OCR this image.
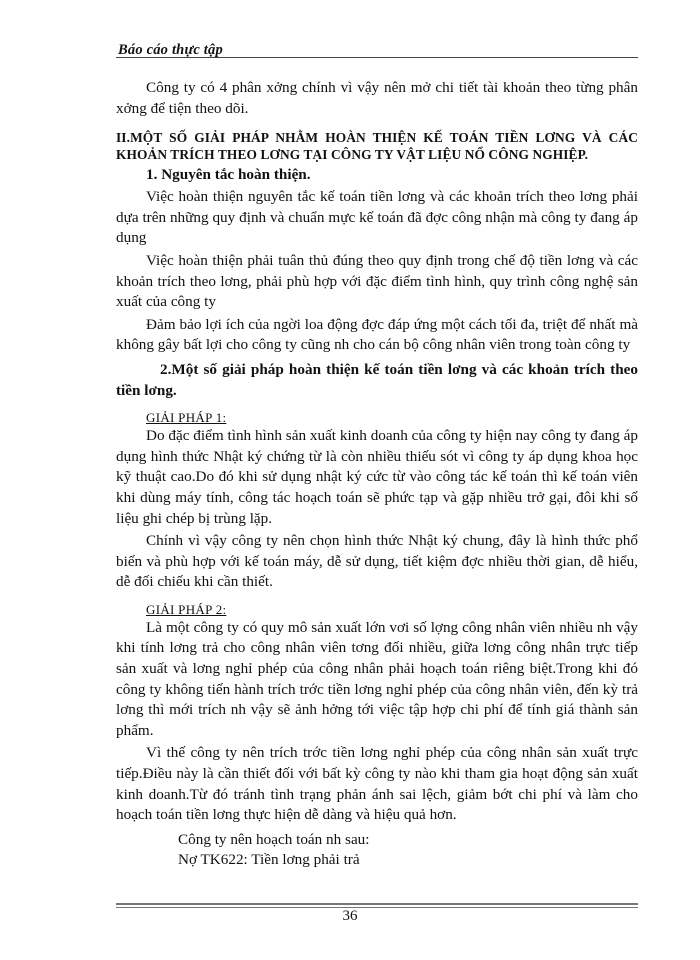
Báo cáo thực tập

Công ty có 4 phân xởng chính vì vậy nên mở chi tiết tài khoản theo từng phân xởng để tiện theo dõi.

II.MỘT SỐ GIẢI PHÁP NHẰM HOÀN THIỆN KẾ TOÁN TIỀN LƠNG VÀ CÁC KHOẢN TRÍCH THEO LƠNG TẠI CÔNG TY VẬT LIỆU NỔ CÔNG NGHIỆP.
1. Nguyên tắc hoàn thiện.

Việc hoàn thiện nguyên tắc kế toán tiền lơng và các khoản trích theo lơng phải dựa trên những quy định và chuẩn mực kế toán đã đợc công nhận mà công ty đang áp dụng

Việc hoàn thiện phải tuân thủ đúng theo quy định trong chế độ tiền lơng và các khoản trích theo lơng, phải phù hợp với đặc điểm tình hình, quy trình công nghệ sản xuất của công ty

Đảm bảo lợi ích của ngời loa động đợc đáp ứng một cách tối đa, triệt để nhất mà không gây bất lợi cho công ty cũng nh cho cán bộ công nhân viên trong toàn công ty

2.Một số giải pháp hoàn thiện kế toán tiền lơng và các khoản trích theo tiền lơng.
GIẢI PHÁP 1:

Do đặc điểm tình hình sản xuất kinh doanh của công ty hiện nay công ty đang áp dụng hình thức Nhật ký chứng từ là còn nhiều thiếu sót vì công ty áp dụng khoa học kỹ thuật cao.Do đó khi sử dụng nhật ký cức từ vào công tác kế toán thì kế toán viên khi dùng máy tính, công tác hoạch toán sẽ phức tạp và gặp nhiều trở gại, đôi khi số liệu ghi chép bị trùng lặp.

Chính vì vậy công ty nên chọn hình thức Nhật ký chung, đây là hình thức phổ biến và phù hợp với kế toán máy, dễ sử dụng, tiết kiệm đợc nhiều thời gian, dễ hiểu, dễ đối chiếu khi cần thiết.

GIẢI PHÁP 2:

Là một công ty có quy mô sản xuất lớn vơi số lợng công nhân viên nhiều nh vậy khi tính lơng trả cho công nhân viên tơng đối nhiều, giữa lơng công nhân trực tiếp sản xuất và lơng nghỉ phép của công nhân phải hoạch toán riêng biệt.Trong khi đó công ty không tiến hành trích trớc tiền lơng nghỉ phép của công nhân viên, đến kỳ trả lơng thì mới trích nh vậy sẽ ảnh hởng tới việc tập hợp chi phí để tính giá thành sản phẩm.

Vì thế công ty nên trích trớc tiền lơng nghỉ phép của công nhân sản xuất trực tiếp.Điều này là cần thiết đối với bất kỳ công ty nào khi tham gia hoạt động sản xuất kinh doanh.Từ đó tránh tình trạng phản ánh sai lệch, giảm bớt chi phí và làm cho hoạch toán tiền lơng thực hiện dễ dàng và hiệu quả hơn.

Công ty nên hoạch toán nh sau:

Nợ TK622: Tiền lơng phải trả

36
